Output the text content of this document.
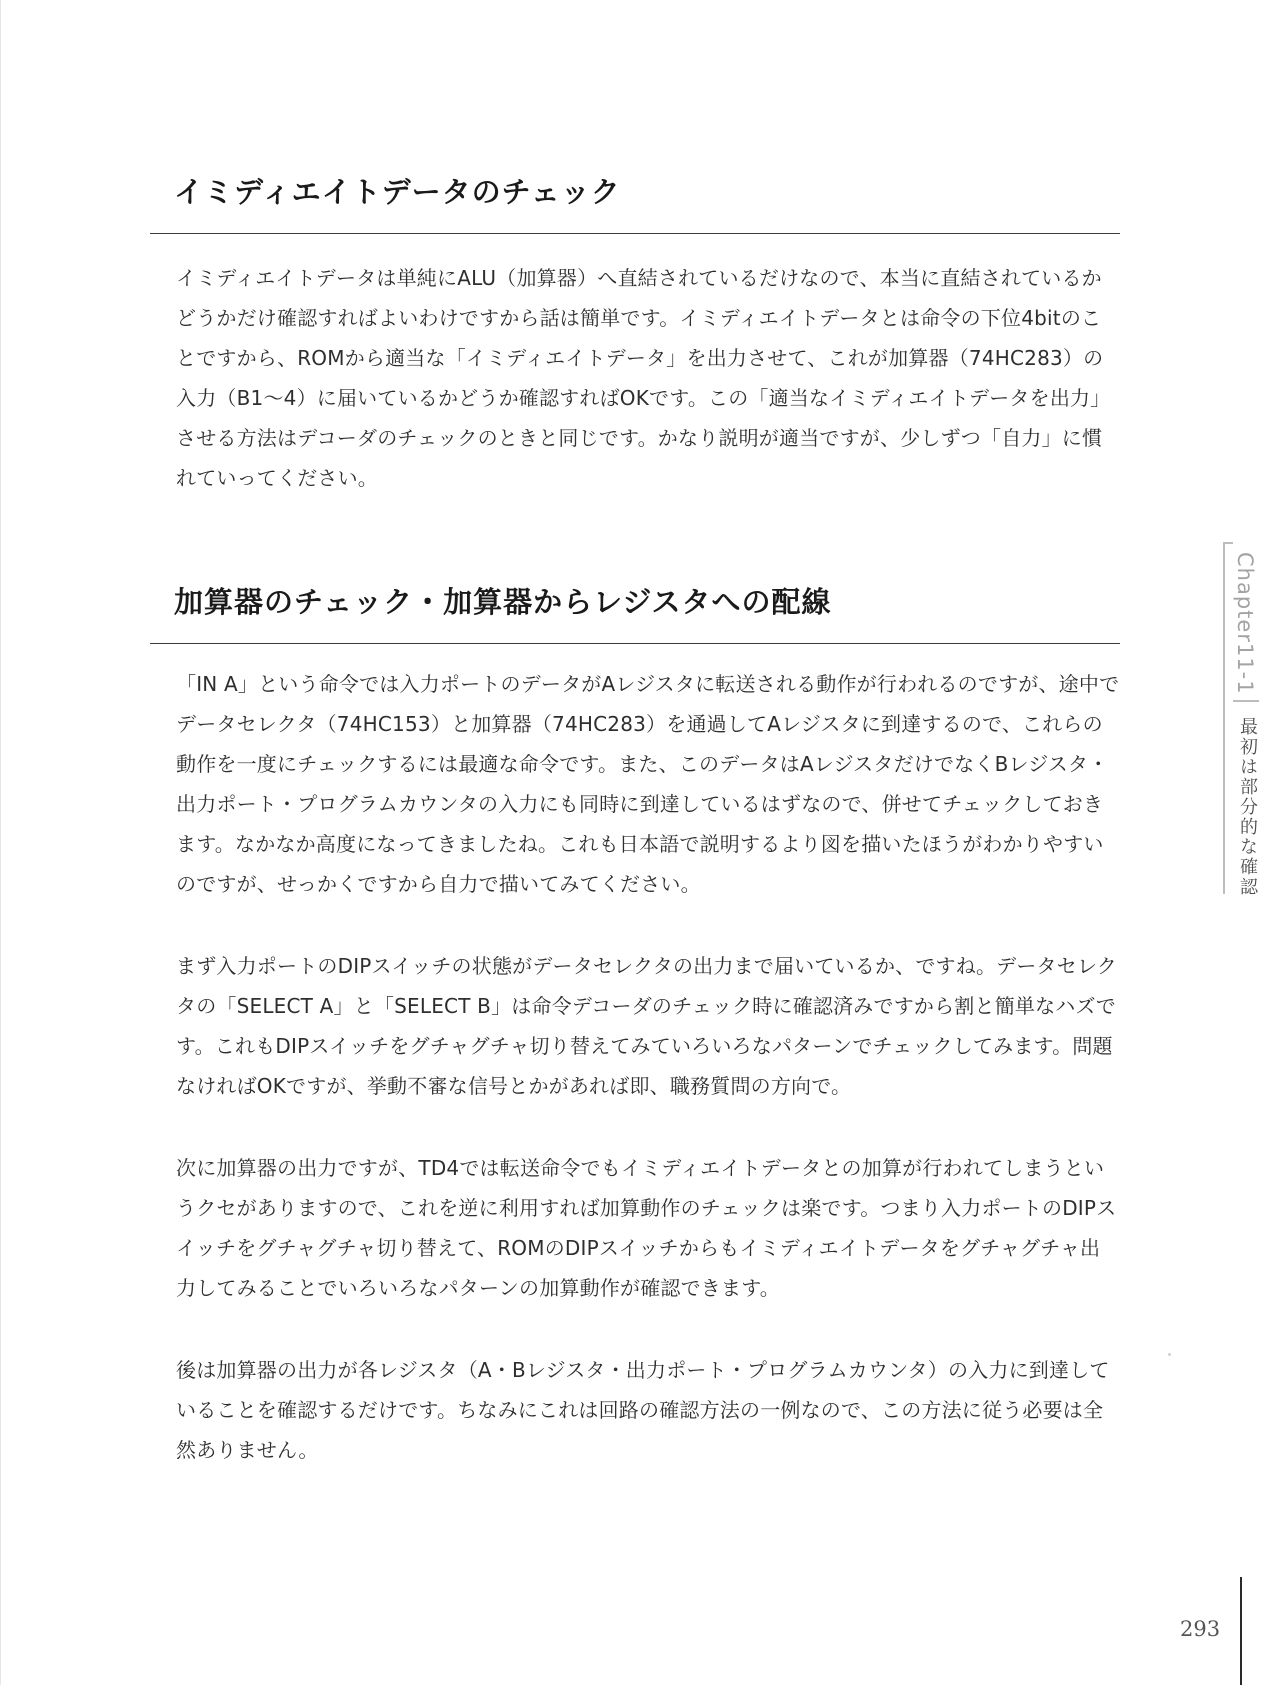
イミディエイトデータのチェック

イミディエイトデータは単純にALU（加算器）へ直結されているだけなので、本当に直結されているかどうかだけ確認すればよいわけですから話は簡単です。イミディエイトデータとは命令の下位4bitのことですから、ROMから適当な「イミディエイトデータ」を出力させて、これが加算器（74HC283）の入力（B1～4）に届いているかどうか確認すればOKです。この「適当なイミディエイトデータを出力」させる方法はデコーダのチェックのときと同じです。かなり説明が適当ですが、少しずつ「自力」に慣れていってください。

加算器のチェック・加算器からレジスタへの配線

「IN A」という命令では入力ポートのデータがAレジスタに転送される動作が行われるのですが、途中でデータセレクタ（74HC153）と加算器（74HC283）を通過してAレジスタに到達するので、これらの動作を一度にチェックするには最適な命令です。また、このデータはAレジスタだけでなくBレジスタ・出力ポート・プログラムカウンタの入力にも同時に到達しているはずなので、併せてチェックしておきます。なかなか高度になってきましたね。これも日本語で説明するより図を描いたほうがわかりやすいのですが、せっかくですから自力で描いてみてください。

まず入力ポートのDIPスイッチの状態がデータセレクタの出力まで届いているか、ですね。データセレクタの「SELECT A」と「SELECT B」は命令デコーダのチェック時に確認済みですから割と簡単なハズです。これもDIPスイッチをグチャグチャ切り替えてみていろいろなパターンでチェックしてみます。問題なければOKですが、挙動不審な信号とかがあれば即、職務質問の方向で。

次に加算器の出力ですが、TD4では転送命令でもイミディエイトデータとの加算が行われてしまうというクセがありますので、これを逆に利用すれば加算動作のチェックは楽です。つまり入力ポートのDIPスイッチをグチャグチャ切り替えて、ROMのDIPスイッチからもイミディエイトデータをグチャグチャ出力してみることでいろいろなパターンの加算動作が確認できます。

後は加算器の出力が各レジスタ（A・Bレジスタ・出力ポート・プログラムカウンタ）の入力に到達していることを確認するだけです。ちなみにこれは回路の確認方法の一例なので、この方法に従う必要は全然ありません。

Chapter11-1
最初は部分的な確認
293
